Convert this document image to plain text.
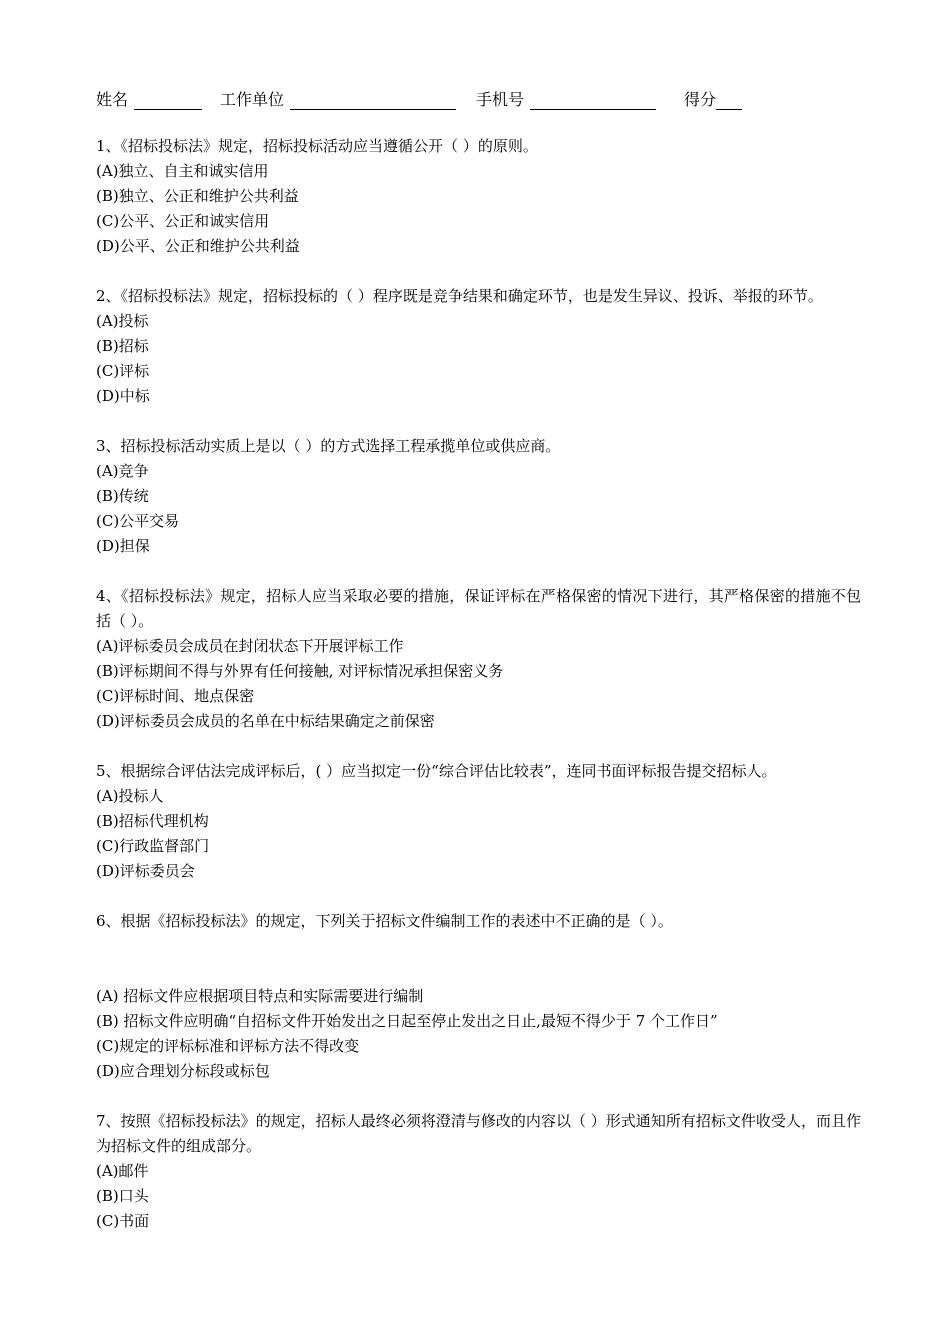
姓名	工作单位	手机号	得分
1、《招标投标法》规定，招标投标活动应当遵循公开（ ）的原则。
(A)独立、自主和诚实信用
(B)独立、公正和维护公共利益
(C)公平、公正和诚实信用
(D)公平、公正和维护公共利益
2、《招标投标法》规定，招标投标的（ ）程序既是竞争结果和确定环节，也是发生异议、投诉、举报的环节。
(A)投标
(B)招标
(C)评标
(D)中标
3、招标投标活动实质上是以（ ）的方式选择工程承揽单位或供应商。
(A)竞争
(B)传统
(C)公平交易
(D)担保
4、《招标投标法》规定，招标人应当采取必要的措施，保证评标在严格保密的情况下进行，其严格保密的措施不包括（ ）。
(A)评标委员会成员在封闭状态下开展评标工作
(B)评标期间不得与外界有任何接触, 对评标情况承担保密义务
(C)评标时间、地点保密
(D)评标委员会成员的名单在中标结果确定之前保密
5、根据综合评估法完成评标后，( ）应当拟定一份“综合评估比较表”，连同书面评标报告提交招标人。
(A)投标人
(B)招标代理机构
(C)行政监督部门
(D)评标委员会
6、根据《招标投标法》的规定，下列关于招标文件编制工作的表述中不正确的是（ ）。
(A) 招标文件应根据项目特点和实际需要进行编制
(B) 招标文件应明确“自招标文件开始发出之日起至停止发出之日止,最短不得少于 7 个工作日”
(C)规定的评标标准和评标方法不得改变
(D)应合理划分标段或标包
7、按照《招标投标法》的规定，招标人最终必须将澄清与修改的内容以（ ）形式通知所有招标文件收受人，而且作为招标文件的组成部分。
(A)邮件
(B)口头
(C)书面
